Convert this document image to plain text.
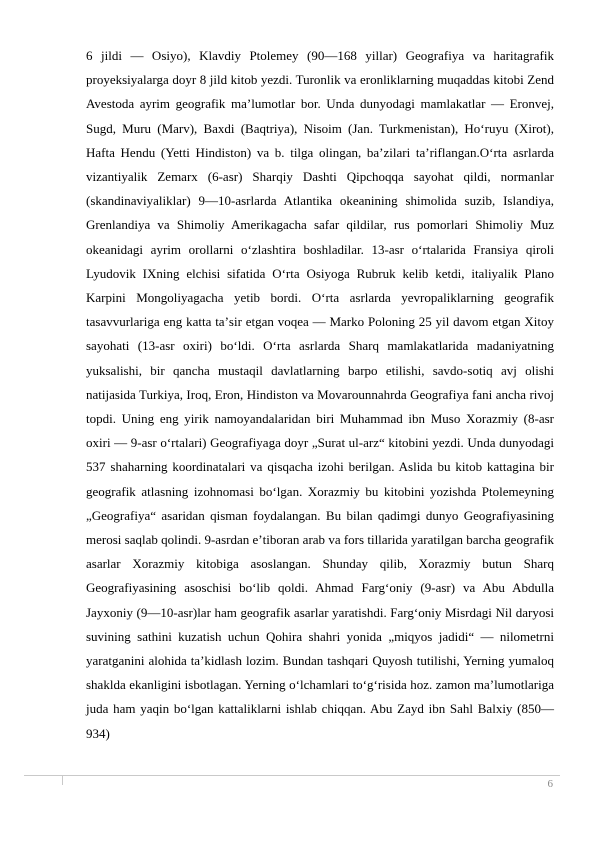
6 jildi — Osiyo), Klavdiy Ptolemey (90—168 yillar) Geografiya va haritagrafik proyeksiyalarga doyr 8 jild kitob yezdi. Turonlik va eronliklarning muqaddas kitobi Zend Avestoda ayrim geografik maʼlumotlar bor. Unda dunyodagi mamlakatlar — Eronvej, Sugd, Muru (Marv), Baxdi (Baqtriya), Nisoim (Jan. Turkmenistan), Hoʻruyu (Xirot), Hafta Hendu (Yetti Hindiston) va b. tilga olingan, baʼzilari taʼriflangan.Oʻrta asrlarda vizantiyalik Zemarx (6-asr) Sharqiy Dashti Qipchoqqa sayohat qildi, normanlar (skandinaviyaliklar) 9—10-asrlarda Atlantika okeanining shimolida suzib, Islandiya, Grenlandiya va Shimoliy Amerikagacha safar qildilar, rus pomorlari Shimoliy Muz okeanidagi ayrim orollarni oʻzlashtira boshladilar. 13-asr oʻrtalarida Fransiya qiroli Lyudovik IXning elchisi sifatida Oʻrta Osiyoga Rubruk kelib ketdi, italiyalik Plano Karpini Mongoliyagacha yetib bordi. Oʻrta asrlarda yevropaliklarning geografik tasavvurlariga eng katta taʼsir etgan voqea — Marko Poloning 25 yil davom etgan Xitoy sayohati (13-asr oxiri) boʻldi. Oʻrta asrlarda Sharq mamlakatlarida madaniyatning yuksalishi, bir qancha mustaqil davlatlarning barpo etilishi, savdo-sotiq avj olishi natijasida Turkiya, Iroq, Eron, Hindiston va Movarounnahrda Geografiya fani ancha rivoj topdi. Uning eng yirik namoyandalaridan biri Muhammad ibn Muso Xorazmiy (8-asr oxiri — 9-asr oʻrtalari) Geografiyaga doyr „Surat ul-arz“ kitobini yezdi. Unda dunyodagi 537 shaharning koordinatalari va qisqacha izohi berilgan. Aslida bu kitob kattagina bir geografik atlasning izohnomasi boʻlgan. Xorazmiy bu kitobini yozishda Ptolemeyning „Geografiya“ asaridan qisman foydalangan. Bu bilan qadimgi dunyo Geografiyasining merosi saqlab qolindi. 9-asrdan eʼtiboran arab va fors tillarida yaratilgan barcha geografik asarlar Xorazmiy kitobiga asoslangan. Shunday qilib, Xorazmiy butun Sharq Geografiyasining asoschisi boʻlib qoldi. Ahmad Fargʻoniy (9-asr) va Abu Abdulla Jayxoniy (9—10-asr)lar ham geografik asarlar yaratishdi. Fargʻoniy Misrdagi Nil daryosi suvining sathini kuzatish uchun Qohira shahri yonida „miqyos jadidi“ — nilometrni yaratganini alohida taʼkidlash lozim. Bundan tashqari Quyosh tutilishi, Yerning yumaloq shaklda ekanligini isbotlagan. Yerning oʻlchamlari toʻgʻrisida hoz. zamon maʼlumotlariga juda ham yaqin boʻlgan kattaliklarni ishlab chiqqan. Abu Zayd ibn Sahl Balxiy (850—934)

6
